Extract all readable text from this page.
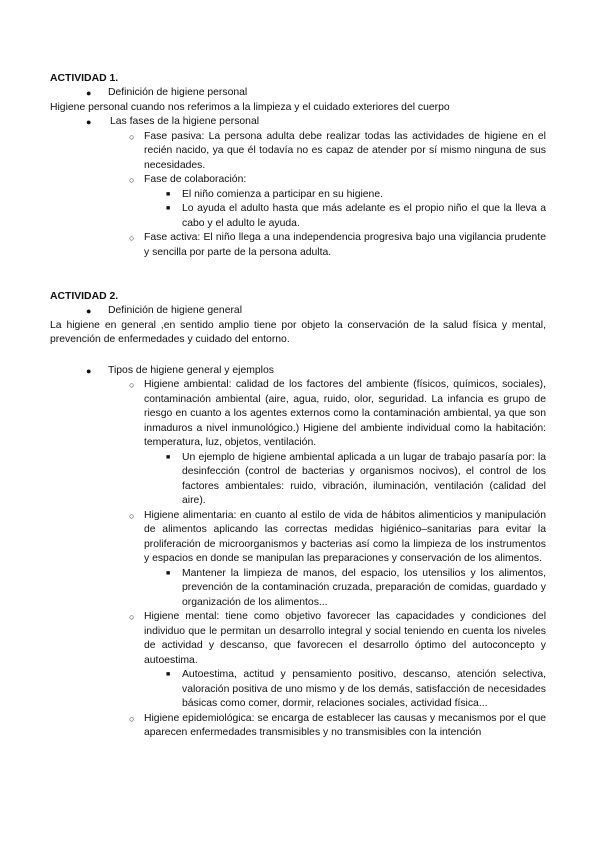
ACTIVIDAD 1.

● Definición de higiene personal

Higiene personal cuando nos referimos a la limpieza y el cuidado exteriores del cuerpo

● Las fases de la higiene personal
○ Fase pasiva: La persona adulta debe realizar todas las actividades de higiene en el recién nacido, ya que él todavía no es capaz de atender por sí mismo ninguna de sus necesidades.
○ Fase de colaboración:
■ El niño comienza a participar en su higiene.
■ Lo ayuda el adulto hasta que más adelante es el propio niño el que la lleva a cabo y el adulto le ayuda.
○ Fase activa: El niño llega a una independencia progresiva bajo una vigilancia prudente y sencilla por parte de la persona adulta.

ACTIVIDAD 2.

● Definición de higiene general

La higiene en general ,en sentido amplio tiene por objeto la conservación de la salud física y mental, prevención de enfermedades y cuidado del entorno.

● Tipos de higiene general y ejemplos
○ Higiene ambiental: calidad de los factores del ambiente (físicos, químicos, sociales), contaminación ambiental (aire, agua, ruido, olor, seguridad. La infancia es grupo de riesgo en cuanto a los agentes externos como la contaminación ambiental, ya que son inmaduros a nivel inmunológico.) Higiene del ambiente individual como la habitación: temperatura, luz, objetos, ventilación.
■ Un ejemplo de higiene ambiental aplicada a un lugar de trabajo pasaría por: la desinfección (control de bacterias y organismos nocivos), el control de los factores ambientales: ruido, vibración, iluminación, ventilación (calidad del aire).
○ Higiene alimentaria: en cuanto al estilo de vida de hábitos alimenticios y manipulación de alimentos aplicando las correctas medidas higiénico–sanitarias para evitar la proliferación de microorganismos y bacterias así como la limpieza de los instrumentos y espacios en donde se manipulan las preparaciones y conservación de los alimentos.
■ Mantener la limpieza de manos, del espacio, los utensilios y los alimentos, prevención de la contaminación cruzada, preparación de comidas, guardado y organización de los alimentos...
○ Higiene mental: tiene como objetivo favorecer las capacidades y condiciones del individuo que le permitan un desarrollo integral y social teniendo en cuenta los niveles de actividad y descanso, que favorecen el desarrollo óptimo del autoconcepto y autoestima.
■ Autoestima, actitud y pensamiento positivo, descanso, atención selectiva, valoración positiva de uno mismo y de los demás, satisfacción de necesidades básicas como comer, dormir, relaciones sociales, actividad física...
○ Higiene epidemiológica: se encarga de establecer las causas y mecanismos por el que aparecen enfermedades transmisibles y no transmisibles con la intención
